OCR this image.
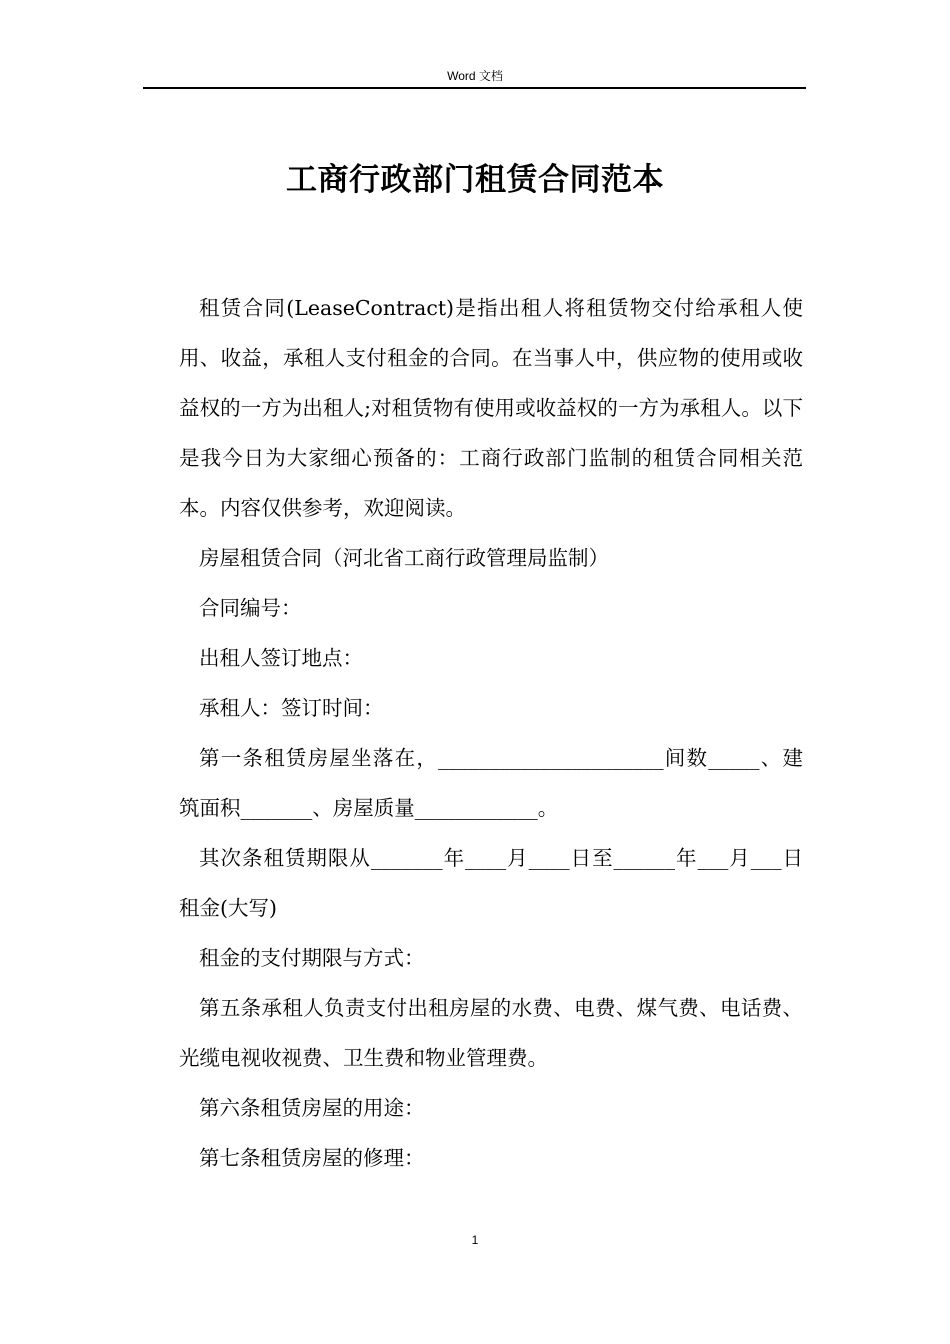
Word 文档
工商行政部门租赁合同范本

租赁合同(LeaseContract)是指出租人将租赁物交付给承租人使用、收益，承租人支付租金的合同。在当事人中，供应物的使用或收益权的一方为出租人;对租赁物有使用或收益权的一方为承租人。以下是我今日为大家细心预备的：工商行政部门监制的租赁合同相关范本。内容仅供参考，欢迎阅读。

房屋租赁合同（河北省工商行政管理局监制）

合同编号：

出租人签订地点：

承租人：签订时间：

第一条租赁房屋坐落在，______________________间数_____、建筑面积_______、房屋质量____________。

其次条租赁期限从_______年____月____日至______年___月___日租金(大写)

租金的支付期限与方式：

第五条承租人负责支付出租房屋的水费、电费、煤气费、电话费、光缆电视收视费、卫生费和物业管理费。

第六条租赁房屋的用途：

第七条租赁房屋的修理：

1
